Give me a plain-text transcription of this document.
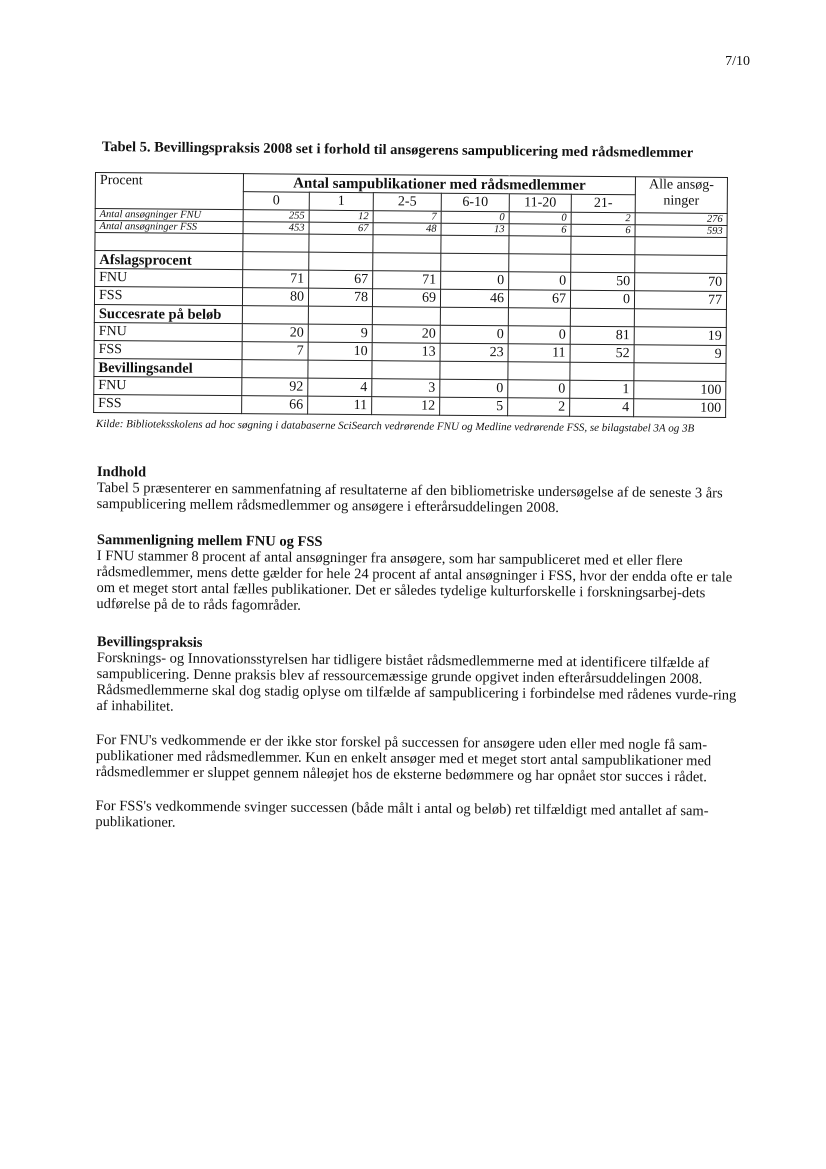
7/10
Tabel 5. Bevillingspraksis 2008 set i forhold til ansøgerens sampublicering med rådsmedlemmer
Procent	Antal sampublikationer med rådsmedlemmer						Alle ansøg-ninger
	0	1	2-5	6-10	11-20	21-	
Antal ansøgninger FNU	255	12	7	0	0	2	276
Antal ansøgninger FSS	453	67	48	13	6	6	593

Afslagsprocent							
FNU	71	67	71	0	0	50	70
FSS	80	78	69	46	67	0	77
Succesrate på beløb							
FNU	20	9	20	0	0	81	19
FSS	7	10	13	23	11	52	9
Bevillingsandel							
FNU	92	4	3	0	0	1	100
FSS	66	11	12	5	2	4	100
Kilde: Biblioteksskolens ad hoc søgning i databaserne SciSearch vedrørende FNU og Medline vedrørende FSS, se bilagstabel 3A og 3B
Indhold

Tabel 5 præsenterer en sammenfatning af resultaterne af den bibliometriske undersøgelse af de seneste 3 års sampublicering mellem rådsmedlemmer og ansøgere i efterårsuddelingen 2008.

Sammenligning mellem FNU og FSS

I FNU stammer 8 procent af antal ansøgninger fra ansøgere, som har sampubliceret med et eller flere rådsmedlemmer, mens dette gælder for hele 24 procent af antal ansøgninger i FSS, hvor der endda ofte er tale om et meget stort antal fælles publikationer. Det er således tydelige kulturforskelle i forskningsarbej-dets udførelse på de to råds fagområder.

Bevillingspraksis

Forsknings- og Innovationsstyrelsen har tidligere bistået rådsmedlemmerne med at identificere tilfælde af sampublicering. Denne praksis blev af ressourcemæssige grunde opgivet inden efterårsuddelingen 2008. Rådsmedlemmerne skal dog stadig oplyse om tilfælde af sampublicering i forbindelse med rådenes vurde-ring af inhabilitet.

For FNU's vedkommende er der ikke stor forskel på successen for ansøgere uden eller med nogle få sam-publikationer med rådsmedlemmer. Kun en enkelt ansøger med et meget stort antal sampublikationer med rådsmedlemmer er sluppet gennem nåleøjet hos de eksterne bedømmere og har opnået stor succes i rådet.

For FSS's vedkommende svinger successen (både målt i antal og beløb) ret tilfældigt med antallet af sam-publikationer.
